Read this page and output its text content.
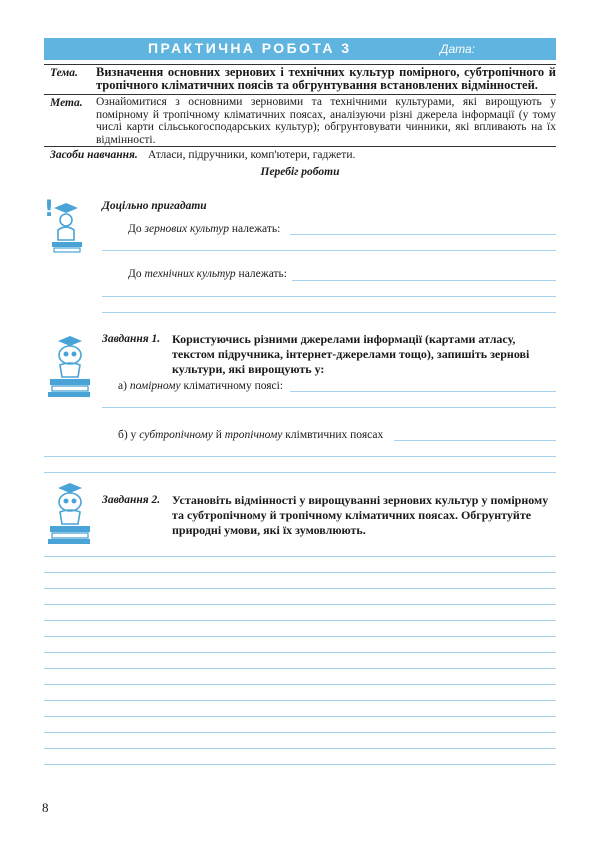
ПРАКТИЧНА РОБОТА 3	Дата:
Тема. Визначення основних зернових і технічних культур помірного, субтропічного й тропічного кліматичних поясів та обгрунтування встановлених відмінностей.
Мета. Ознайомитися з основними зерновими та технічними культурами, які вирощують у помірному й тропічному кліматичних поясах, аналізуючи різні джерела інформації (у тому числі карти сільськогосподарських культур); обгрунтовувати чинники, які впливають на їх відмінності.
Засоби навчання. Атласи, підручники, комп'ютери, гаджети.
Перебіг роботи
!	Доцільно пригадати
До зернових культур належать:
До технічних культур належать:
Завдання 1. Користуючись різними джерелами інформації (картами атласу, текстом підручника, інтернет-джерелами тощо), запишіть зернові культури, які вирощують у:
а) помірному кліматичному поясі:
б) у субтропічному й тропічному клімвтичних поясах
Завдання 2. Установіть відмінності у вирощуванні зернових культур у помірному та субтропічному й тропічному кліматичних поясах. Обгрунтуйте природні умови, які їх зумовлюють.
8
